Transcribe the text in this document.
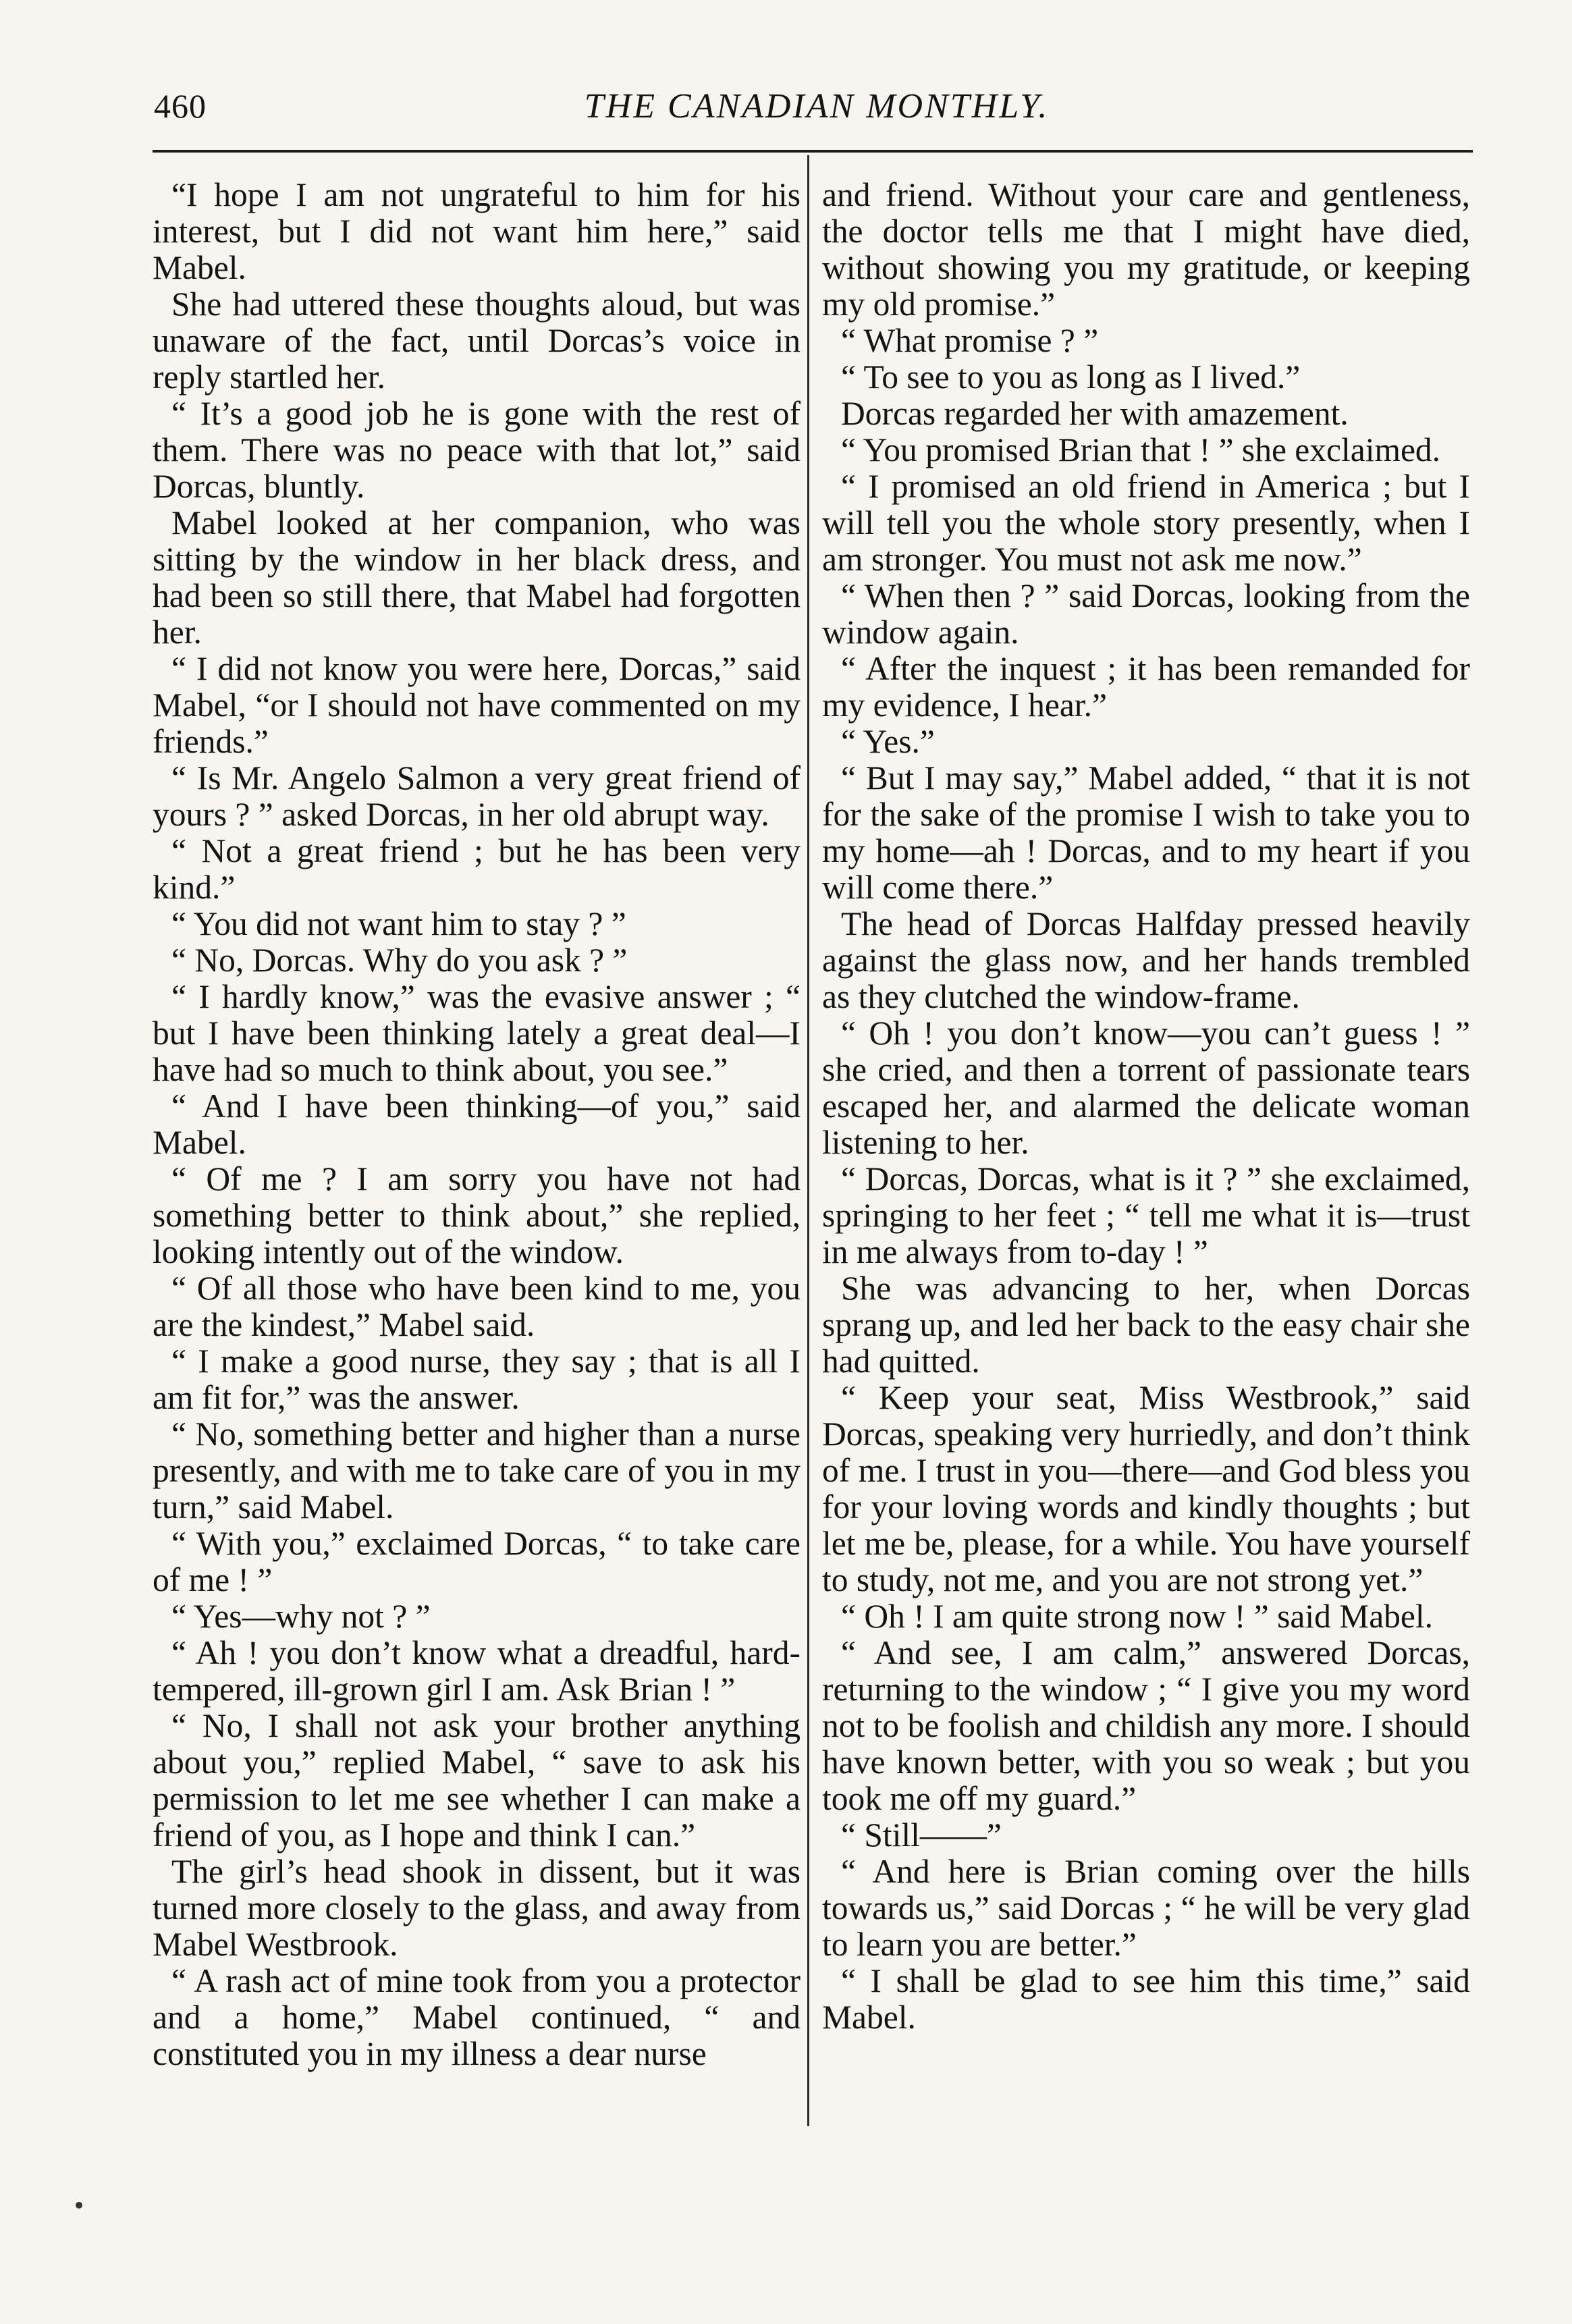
460	THE CANADIAN MONTHLY.

“I hope I am not ungrateful to him for his interest, but I did not want him here,” said Mabel.

She had uttered these thoughts aloud, but was unaware of the fact, until Dorcas’s voice in reply startled her.

“ It’s a good job he is gone with the rest of them. There was no peace with that lot,” said Dorcas, bluntly.

Mabel looked at her companion, who was sitting by the window in her black dress, and had been so still there, that Mabel had forgotten her.

“ I did not know you were here, Dorcas,” said Mabel, “or I should not have commented on my friends.”

“ Is Mr. Angelo Salmon a very great friend of yours ? ” asked Dorcas, in her old abrupt way.

“ Not a great friend ; but he has been very kind.”

“ You did not want him to stay ? ”

“ No, Dorcas. Why do you ask ? ”

“ I hardly know,” was the evasive answer ; “ but I have been thinking lately a great deal—I have had so much to think about, you see.”

“ And I have been thinking—of you,” said Mabel.

“ Of me ? I am sorry you have not had something better to think about,” she replied, looking intently out of the window.

“ Of all those who have been kind to me, you are the kindest,” Mabel said.

“ I make a good nurse, they say ; that is all I am fit for,” was the answer.

“ No, something better and higher than a nurse presently, and with me to take care of you in my turn,” said Mabel.

“ With you,” exclaimed Dorcas, “ to take care of me ! ”

“ Yes—why not ? ”

“ Ah ! you don’t know what a dreadful, hard-tempered, ill-grown girl I am. Ask Brian ! ”

“ No, I shall not ask your brother anything about you,” replied Mabel, “ save to ask his permission to let me see whether I can make a friend of you, as I hope and think I can.”

The girl’s head shook in dissent, but it was turned more closely to the glass, and away from Mabel Westbrook.

“ A rash act of mine took from you a protector and a home,” Mabel continued, “ and constituted you in my illness a dear nurse

and friend. Without your care and gentleness, the doctor tells me that I might have died, without showing you my gratitude, or keeping my old promise.”

“ What promise ? ”

“ To see to you as long as I lived.”

Dorcas regarded her with amazement.

“ You promised Brian that ! ” she exclaimed.

“ I promised an old friend in America ; but I will tell you the whole story presently, when I am stronger. You must not ask me now.”

“ When then ? ” said Dorcas, looking from the window again.

“ After the inquest ; it has been remanded for my evidence, I hear.”

“ Yes.”

“ But I may say,” Mabel added, “ that it is not for the sake of the promise I wish to take you to my home—ah ! Dorcas, and to my heart if you will come there.”

The head of Dorcas Halfday pressed heavily against the glass now, and her hands trembled as they clutched the window-frame.

“ Oh ! you don’t know—you can’t guess ! ” she cried, and then a torrent of passionate tears escaped her, and alarmed the delicate woman listening to her.

“ Dorcas, Dorcas, what is it ? ” she exclaimed, springing to her feet ; “ tell me what it is—trust in me always from to-day ! ”

She was advancing to her, when Dorcas sprang up, and led her back to the easy chair she had quitted.

“ Keep your seat, Miss Westbrook,” said Dorcas, speaking very hurriedly, and don’t think of me. I trust in you—there—and God bless you for your loving words and kindly thoughts ; but let me be, please, for a while. You have yourself to study, not me, and you are not strong yet.”

“ Oh ! I am quite strong now ! ” said Mabel.

“ And see, I am calm,” answered Dorcas, returning to the window ; “ I give you my word not to be foolish and childish any more. I should have known better, with you so weak ; but you took me off my guard.”

“ Still——”

“ And here is Brian coming over the hills towards us,” said Dorcas ; “ he will be very glad to learn you are better.”

“ I shall be glad to see him this time,” said Mabel.
